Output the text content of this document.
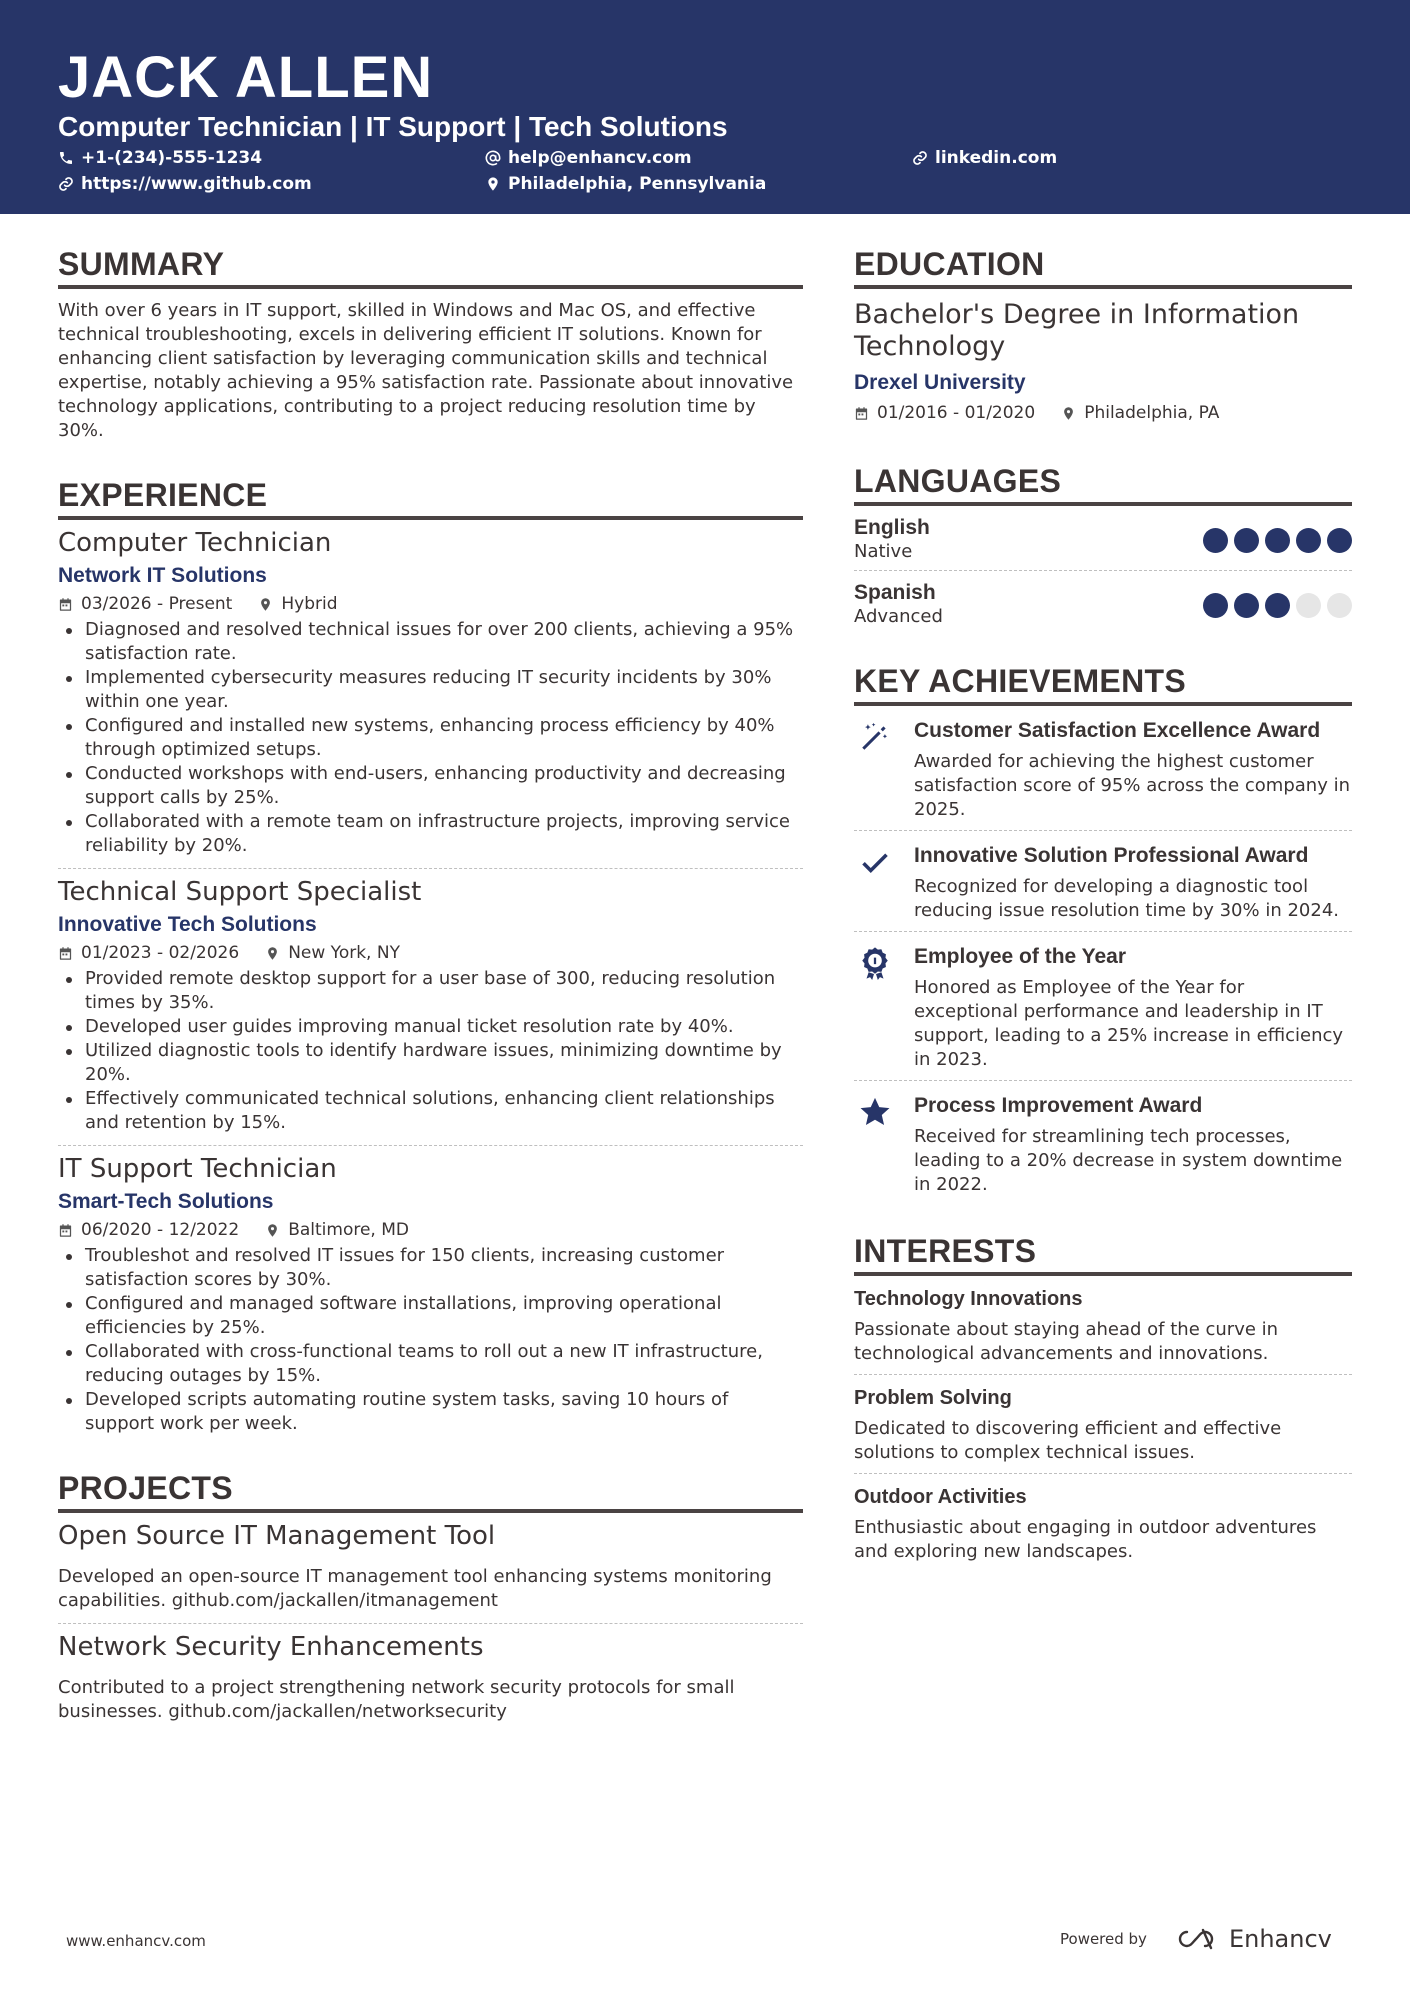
JACK ALLEN
Computer Technician | IT Support | Tech Solutions
+1-(234)-555-1234	help@enhancv.com	linkedin.com
https://www.github.com	Philadelphia, Pennsylvania
SUMMARY
With over 6 years in IT support, skilled in Windows and Mac OS, and effective technical troubleshooting, excels in delivering efficient IT solutions. Known for enhancing client satisfaction by leveraging communication skills and technical expertise, notably achieving a 95% satisfaction rate. Passionate about innovative technology applications, contributing to a project reducing resolution time by 30%.
EXPERIENCE
Computer Technician
Network IT Solutions
03/2026 - Present	Hybrid
Diagnosed and resolved technical issues for over 200 clients, achieving a 95% satisfaction rate.
Implemented cybersecurity measures reducing IT security incidents by 30% within one year.
Configured and installed new systems, enhancing process efficiency by 40% through optimized setups.
Conducted workshops with end-users, enhancing productivity and decreasing support calls by 25%.
Collaborated with a remote team on infrastructure projects, improving service reliability by 20%.
Technical Support Specialist
Innovative Tech Solutions
01/2023 - 02/2026	New York, NY
Provided remote desktop support for a user base of 300, reducing resolution times by 35%.
Developed user guides improving manual ticket resolution rate by 40%.
Utilized diagnostic tools to identify hardware issues, minimizing downtime by 20%.
Effectively communicated technical solutions, enhancing client relationships and retention by 15%.
IT Support Technician
Smart-Tech Solutions
06/2020 - 12/2022	Baltimore, MD
Troubleshot and resolved IT issues for 150 clients, increasing customer satisfaction scores by 30%.
Configured and managed software installations, improving operational efficiencies by 25%.
Collaborated with cross-functional teams to roll out a new IT infrastructure, reducing outages by 15%.
Developed scripts automating routine system tasks, saving 10 hours of support work per week.
PROJECTS
Open Source IT Management Tool
Developed an open-source IT management tool enhancing systems monitoring capabilities. github.com/jackallen/itmanagement
Network Security Enhancements
Contributed to a project strengthening network security protocols for small businesses. github.com/jackallen/networksecurity
EDUCATION
Bachelor's Degree in Information Technology
Drexel University
01/2016 - 01/2020	Philadelphia, PA
LANGUAGES
English
Native
Spanish
Advanced
KEY ACHIEVEMENTS
Customer Satisfaction Excellence Award
Awarded for achieving the highest customer satisfaction score of 95% across the company in 2025.
Innovative Solution Professional Award
Recognized for developing a diagnostic tool reducing issue resolution time by 30% in 2024.
Employee of the Year
Honored as Employee of the Year for exceptional performance and leadership in IT support, leading to a 25% increase in efficiency in 2023.
Process Improvement Award
Received for streamlining tech processes, leading to a 20% decrease in system downtime in 2022.
INTERESTS
Technology Innovations
Passionate about staying ahead of the curve in technological advancements and innovations.
Problem Solving
Dedicated to discovering efficient and effective solutions to complex technical issues.
Outdoor Activities
Enthusiastic about engaging in outdoor adventures and exploring new landscapes.
www.enhancv.com	Powered by	Enhancv
